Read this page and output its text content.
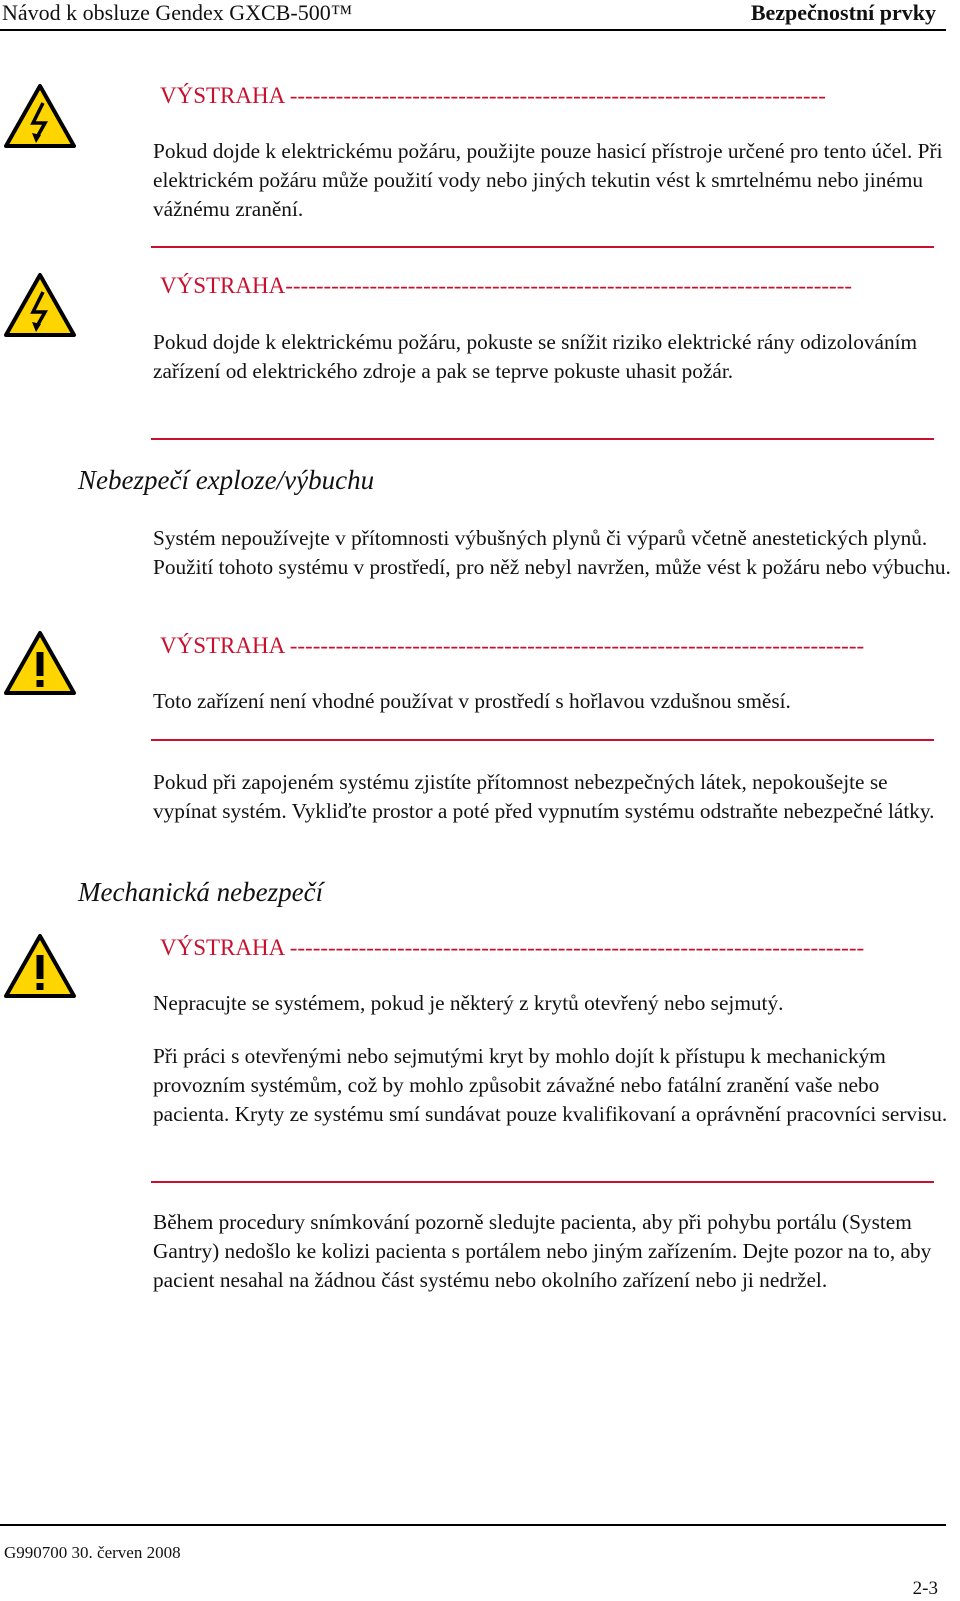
Návod k obsluze Gendex GXCB-500™	Bezpečnostní prvky
VÝSTRAHA ----------------------------------------------------------------------
Pokud dojde k elektrickému požáru, použijte pouze hasicí přístroje určené pro tento účel. Při elektrickém požáru může použití vody nebo jiných tekutin vést k smrtelnému nebo jinému vážnému zranění.
VÝSTRAHA--------------------------------------------------------------------------
Pokud dojde k elektrickému požáru, pokuste se snížit riziko elektrické rány odizolováním zařízení od elektrického zdroje a pak se teprve pokuste uhasit požár.
Nebezpečí exploze/výbuchu
Systém nepoužívejte v přítomnosti výbušných plynů či výparů včetně anestetických plynů. Použití tohoto systému v prostředí, pro něž nebyl navržen, může vést k požáru nebo výbuchu.
VÝSTRAHA ---------------------------------------------------------------------------
Toto zařízení není vhodné používat v prostředí s hořlavou vzdušnou směsí.
Pokud při zapojeném systému zjistíte přítomnost nebezpečných látek, nepokoušejte se vypínat systém. Vykliďte prostor a poté před vypnutím systému odstraňte nebezpečné látky.
Mechanická nebezpečí
VÝSTRAHA ---------------------------------------------------------------------------
Nepracujte se systémem, pokud je některý z krytů otevřený nebo sejmutý.
Při práci s otevřenými nebo sejmutými kryt by mohlo dojít k přístupu k mechanickým provozním systémům, což by mohlo způsobit závažné nebo fatální zranění vaše nebo pacienta. Kryty ze systému smí sundávat pouze kvalifikovaní a oprávnění pracovníci servisu.
Během procedury snímkování pozorně sledujte pacienta, aby při pohybu portálu (System Gantry) nedošlo ke kolizi pacienta s portálem nebo jiným zařízením. Dejte pozor na to, aby pacient nesahal na žádnou část systému nebo okolního zařízení nebo ji nedržel.
G990700 30. červen 2008
2-3
